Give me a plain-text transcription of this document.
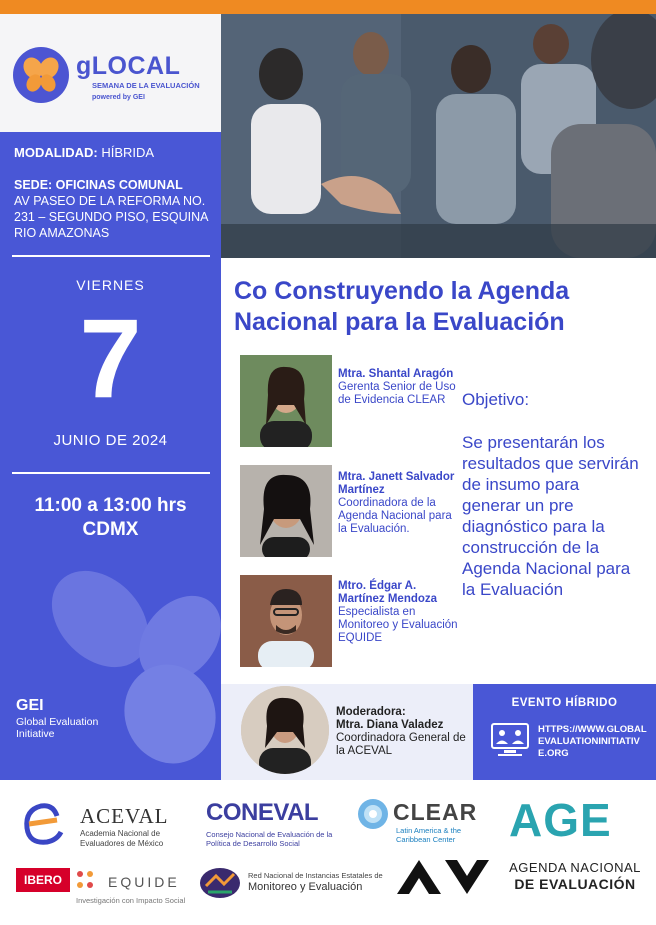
gLOCAL
SEMANA DE LA EVALUACIÓN
powered by GEI
MODALIDAD: HÍBRIDA
SEDE: OFICINAS COMUNAL
AV PASEO DE LA REFORMA NO. 231 – SEGUNDO PISO, ESQUINA RIO AMAZONAS
VIERNES
7
JUNIO DE 2024
11:00 a 13:00 hrs
CDMX
GEI
Global Evaluation Initiative
Co Construyendo la Agenda Nacional para la Evaluación
Mtra. Shantal Aragón
Gerenta Senior de Uso de Evidencia CLEAR
Mtra. Janett Salvador Martínez
Coordinadora de la Agenda Nacional para la Evaluación.
Mtro. Édgar A. Martínez Mendoza
Especialista en Monitoreo y Evaluación EQUIDE
Objetivo:
Se presentarán los resultados que servirán de insumo para generar un pre diagnóstico para la construcción de la Agenda Nacional para la Evaluación
Moderadora:
Mtra. Diana Valadez
Coordinadora General de la ACEVAL
EVENTO HÍBRIDO
HTTPS://WWW.GLOBALEVALUATIONINITIATIVE.ORG
ACEVAL
Academia Nacional de Evaluadores de México
CONEVAL
Consejo Nacional de Evaluación de la Política de Desarrollo Social
CLEAR
Latin America & the Caribbean Center	AGE
AGENDA NACIONAL
DE EVALUACIÓN
IBERO	EQUIDE
Investigación con Impacto Social
Red Nacional de Instancias Estatales de
Monitoreo y Evaluación
